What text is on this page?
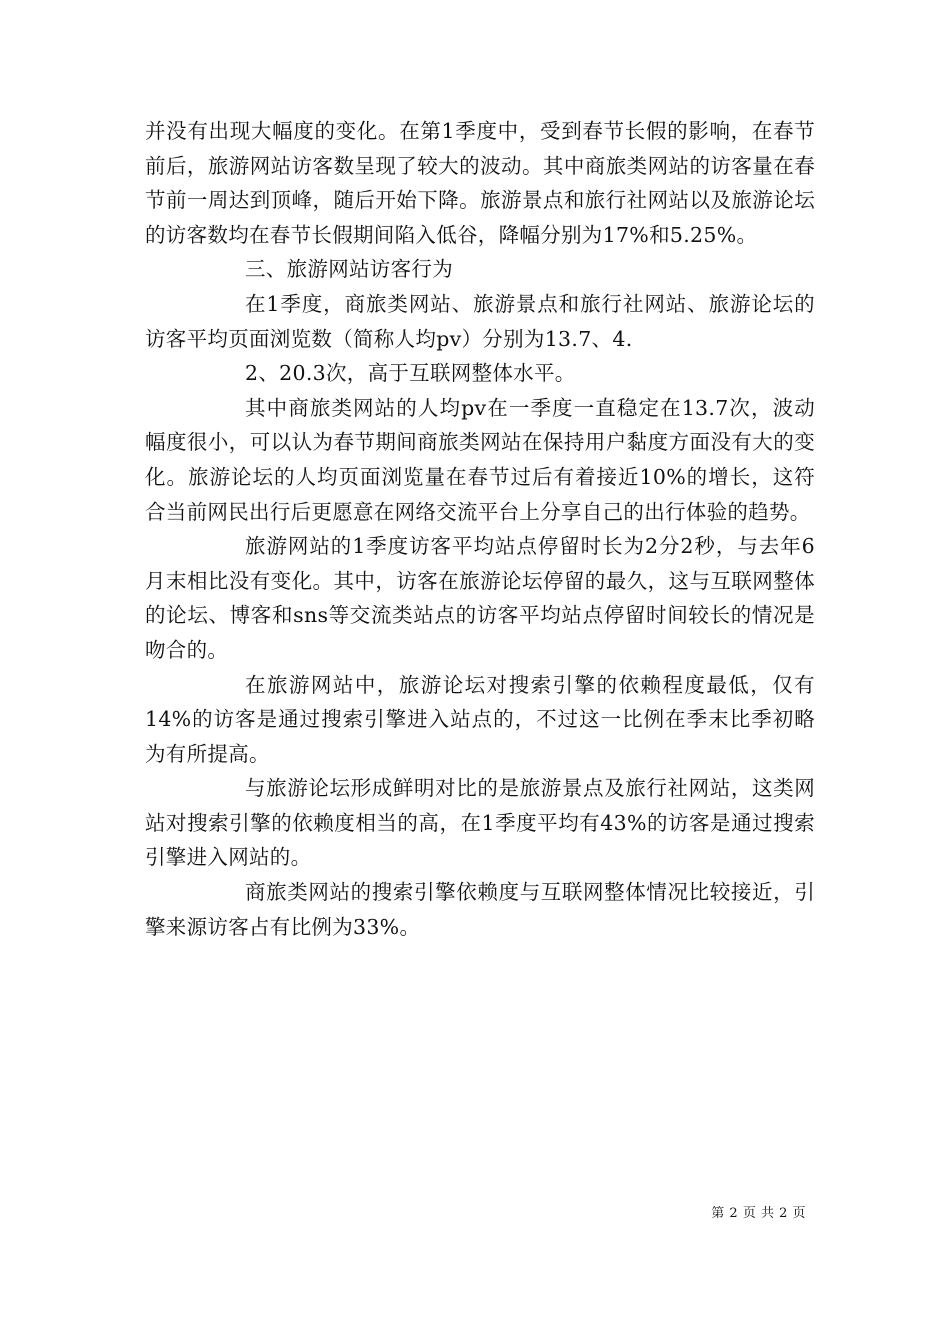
并没有出现大幅度的变化。在第1季度中，受到春节长假的影响，在春节前后，旅游网站访客数呈现了较大的波动。其中商旅类网站的访客量在春节前一周达到顶峰，随后开始下降。旅游景点和旅行社网站以及旅游论坛的访客数均在春节长假期间陷入低谷，降幅分别为17%和5.25%。

三、旅游网站访客行为

在1季度，商旅类网站、旅游景点和旅行社网站、旅游论坛的访客平均页面浏览数（简称人均pv）分别为13.7、4.

2、20.3次，高于互联网整体水平。

其中商旅类网站的人均pv在一季度一直稳定在13.7次，波动幅度很小，可以认为春节期间商旅类网站在保持用户黏度方面没有大的变化。旅游论坛的人均页面浏览量在春节过后有着接近10%的增长，这符合当前网民出行后更愿意在网络交流平台上分享自己的出行体验的趋势。

旅游网站的1季度访客平均站点停留时长为2分2秒，与去年6月末相比没有变化。其中，访客在旅游论坛停留的最久，这与互联网整体的论坛、博客和sns等交流类站点的访客平均站点停留时间较长的情况是吻合的。

在旅游网站中，旅游论坛对搜索引擎的依赖程度最低，仅有14%的访客是通过搜索引擎进入站点的，不过这一比例在季末比季初略为有所提高。

与旅游论坛形成鲜明对比的是旅游景点及旅行社网站，这类网站对搜索引擎的依赖度相当的高，在1季度平均有43%的访客是通过搜索引擎进入网站的。

商旅类网站的搜索引擎依赖度与互联网整体情况比较接近，引擎来源访客占有比例为33%。

第 2 页 共 2 页
